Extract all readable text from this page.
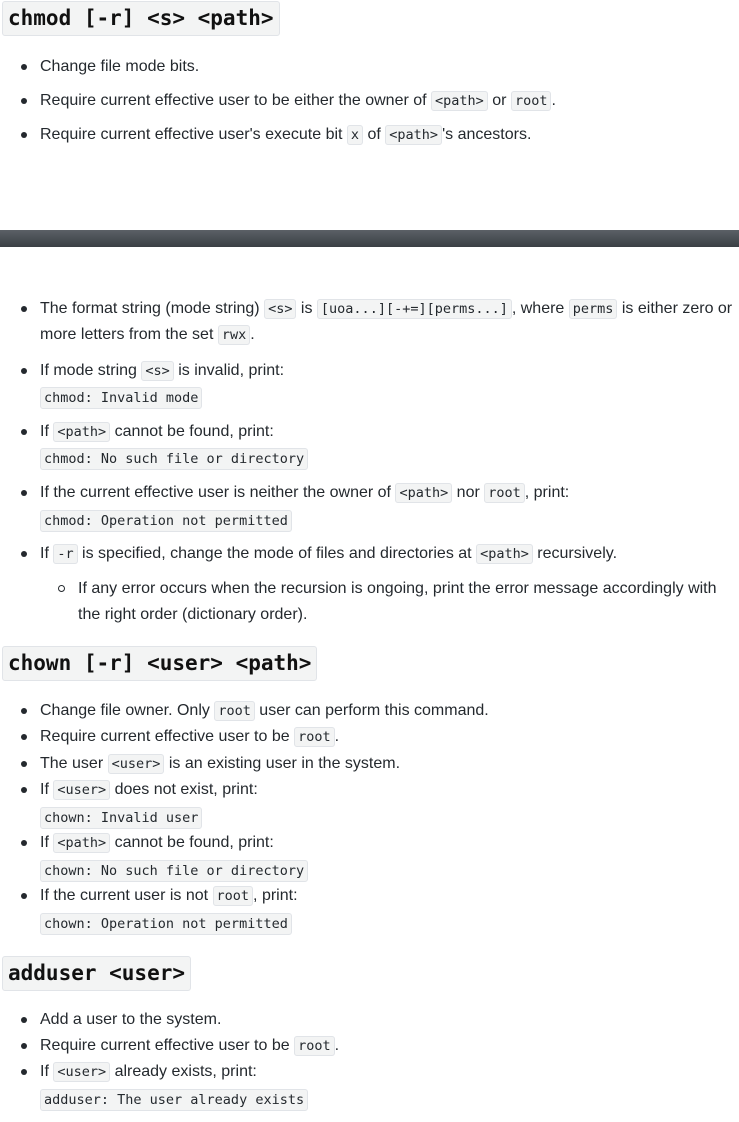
chmod [-r] <s> <path>

Change file mode bits.

Require current effective user to be either the owner of <path> or root .

Require current effective user's execute bit x of <path> 's ancestors.

The format string (mode string) <s> is [uoa...][-+=][perms...] , where perms is either zero or more letters from the set rwx .

If mode string <s> is invalid, print:

chmod: Invalid mode

If <path> cannot be found, print:

chmod: No such file or directory

If the current effective user is neither the owner of <path> nor root , print:

chmod: Operation not permitted

If -r is specified, change the mode of files and directories at <path> recursively.

If any error occurs when the recursion is ongoing, print the error message accordingly with the right order (dictionary order).

chown [-r] <user> <path>

Change file owner. Only root user can perform this command.

Require current effective user to be root .

The user <user> is an existing user in the system.

If <user> does not exist, print:

chown: Invalid user

If <path> cannot be found, print:

chown: No such file or directory

If the current user is not root , print:

chown: Operation not permitted
adduser <user>

Add a user to the system.

Require current effective user to be root .

If <user> already exists, print:

adduser: The user already exists
